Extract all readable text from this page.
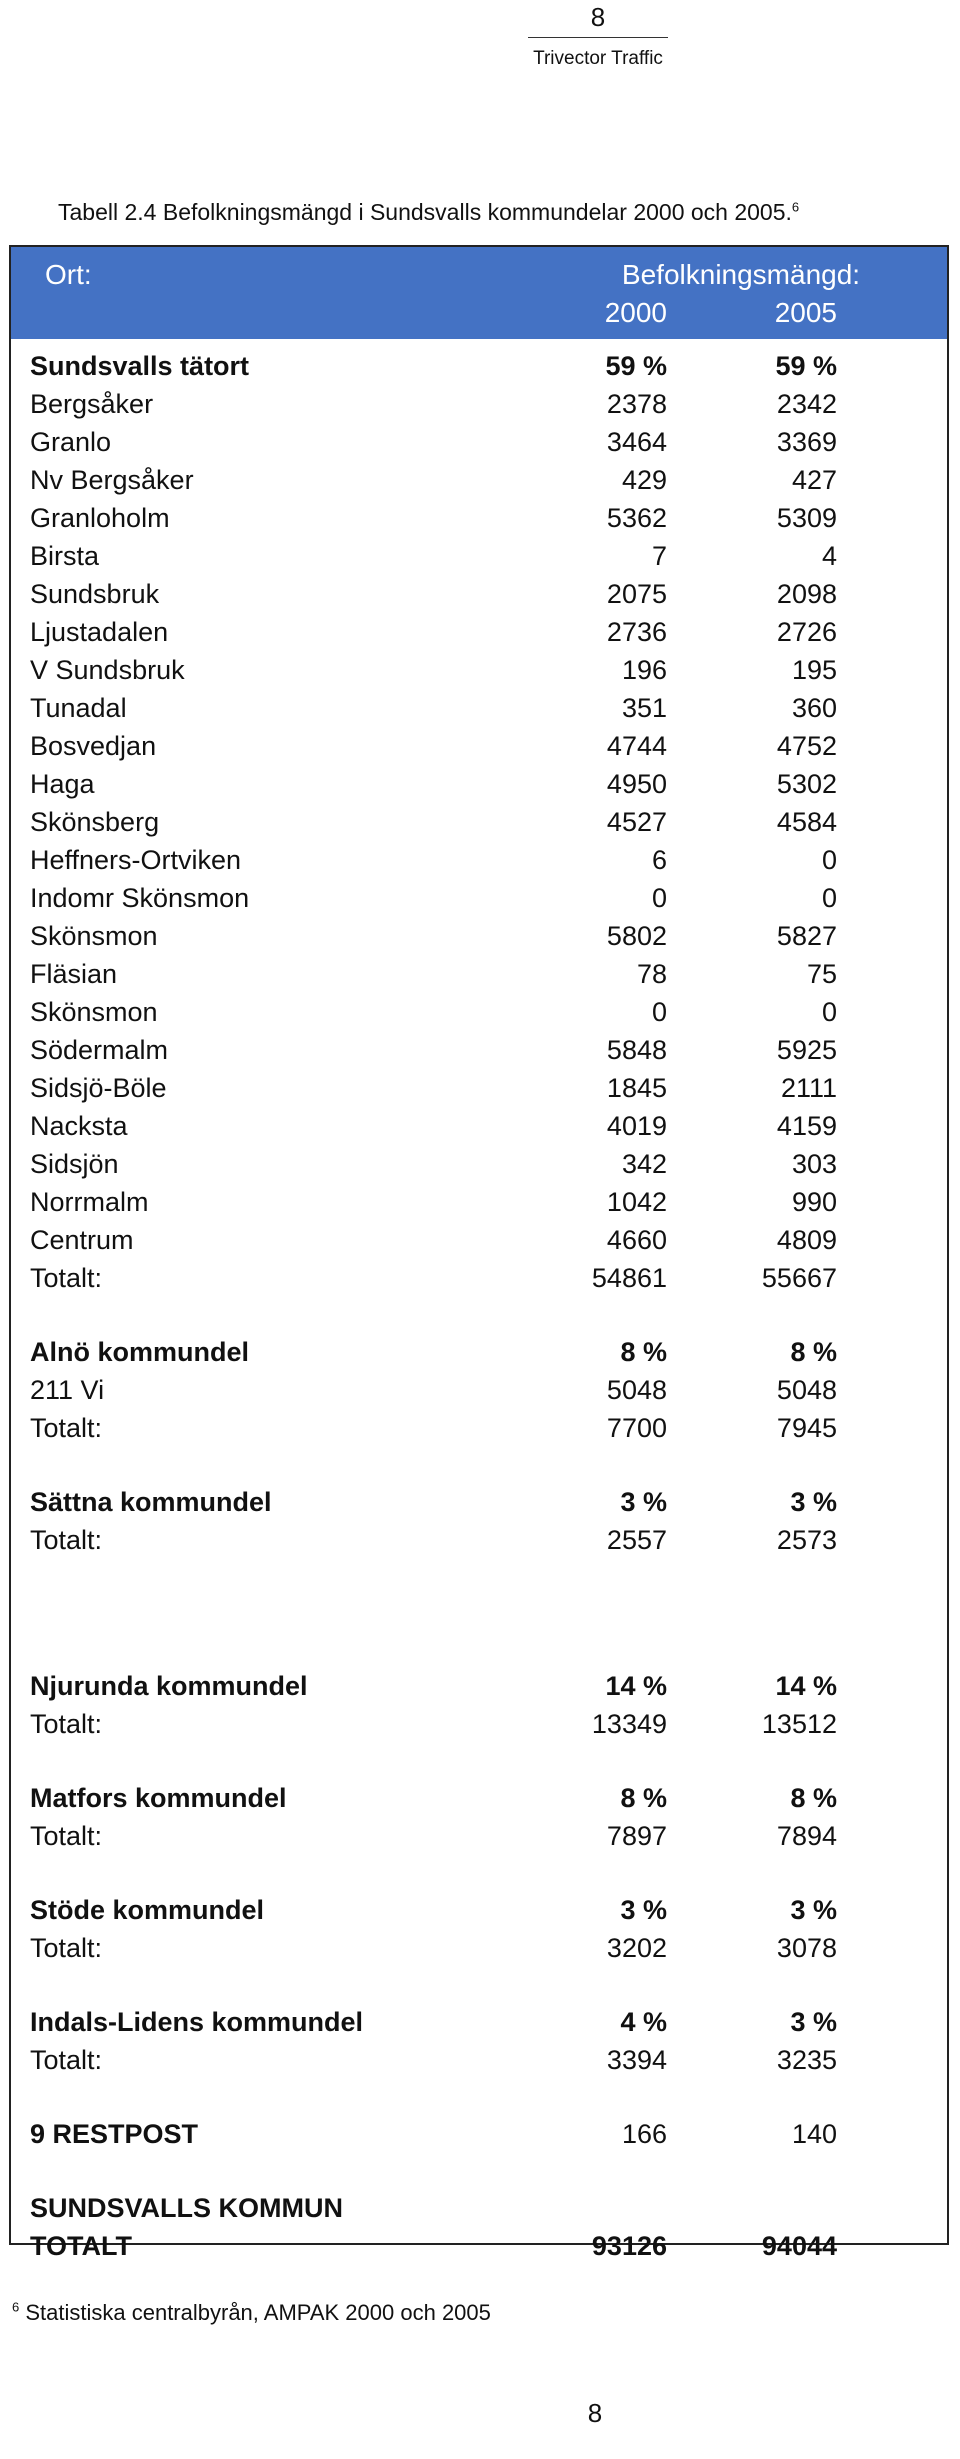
8
Trivector Traffic
Tabell 2.4 Befolkningsmängd i Sundsvalls kommundelar 2000 och 2005.$^6$
Ort:	Befolkningsmängd:
2000	2005
Sundsvalls tätort	59 %	59 %
Bergsåker	2378	2342
Granlo	3464	3369
Nv Bergsåker	429	427
Granloholm	5362	5309
Birsta	7	4
Sundsbruk	2075	2098
Ljustadalen	2736	2726
V Sundsbruk	196	195
Tunadal	351	360
Bosvedjan	4744	4752
Haga	4950	5302
Skönsberg	4527	4584
Heffners-Ortviken	6	0
Indomr Skönsmon	0	0
Skönsmon	5802	5827
Fläsian	78	75
Skönsmon	0	0
Södermalm	5848	5925
Sidsjö-Böle	1845	2111
Nacksta	4019	4159
Sidsjön	342	303
Norrmalm	1042	990
Centrum	4660	4809
Totalt:	54861	55667
Alnö kommundel	8 %	8 %
211 Vi	5048	5048
Totalt:	7700	7945
Sättna kommundel	3 %	3 %
Totalt:	2557	2573
Njurunda kommundel	14 %	14 %
Totalt:	13349	13512
Matfors kommundel	8 %	8 %
Totalt:	7897	7894
Stöde kommundel	3 %	3 %
Totalt:	3202	3078
Indals-Lidens kommundel	4 %	3 %
Totalt:	3394	3235
9 RESTPOST	166	140
SUNDSVALLS KOMMUN
TOTALT	93126	94044
$^6$ Statistiska centralbyrån, AMPAK 2000 och 2005
8
